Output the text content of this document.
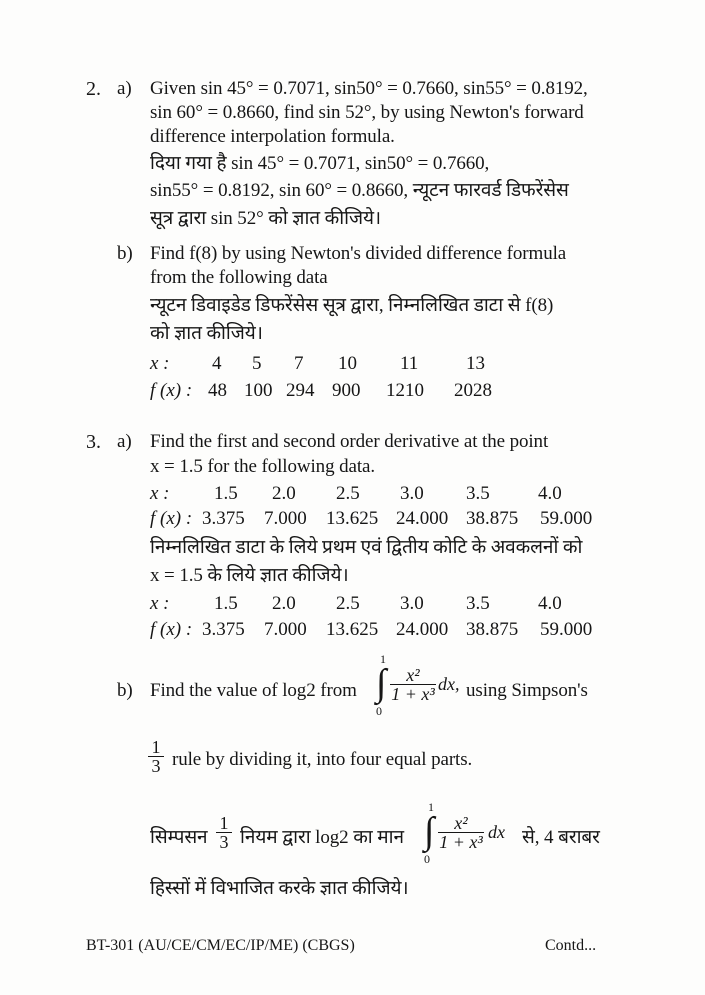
2. a) Given sin 45° = 0.7071, sin50° = 0.7660, sin55° = 0.8192,
sin 60° = 0.8660, find sin 52°, by using Newton's forward
difference interpolation formula.
दिया गया है sin 45° = 0.7071, sin50° = 0.7660,
sin55° = 0.8192, sin 60° = 0.8660, न्यूटन फारवर्ड डिफरेंसेस
सूत्र द्वारा sin 52° को ज्ञात कीजिये।
b) Find f(8) by using Newton's divided difference formula
from the following data
न्यूटन डिवाइडेड डिफरेंसेस सूत्र द्वारा, निम्नलिखित डाटा से f(8)
को ज्ञात कीजिये।
x :	4	5	7	10	11	13
f (x) : 48 100 294 900	1210	2028
3. a) Find the first and second order derivative at the point
x = 1.5 for the following data.
x :	1.5	2.0	2.5	3.0	3.5	4.0
f (x) : 3.375	7.000	13.625 24.000 38.875	59.000
निम्नलिखित डाटा के लिये प्रथम एवं द्वितीय कोटि के अवकलनों को
x = 1.5 के लिये ज्ञात कीजिये।
x :	1.5	2.0	2.5	3.0	3.5	4.0
f (x) : 3.375	7.000	13.625 24.000 38.875	59.000
b) Find the value of log2 from ∫
1
0
x²
1 + x³ dx, using Simpson's
1
3 rule by dividing it, into four equal parts.
सिम्पसन
1
3 नियम द्वारा log2 का मान ∫
1
0
x²
1 + x³ dx से, 4 बराबर
हिस्सों में विभाजित करके ज्ञात कीजिये।
BT-301 (AU/CE/CM/EC/IP/ME) (CBGS)	Contd...
